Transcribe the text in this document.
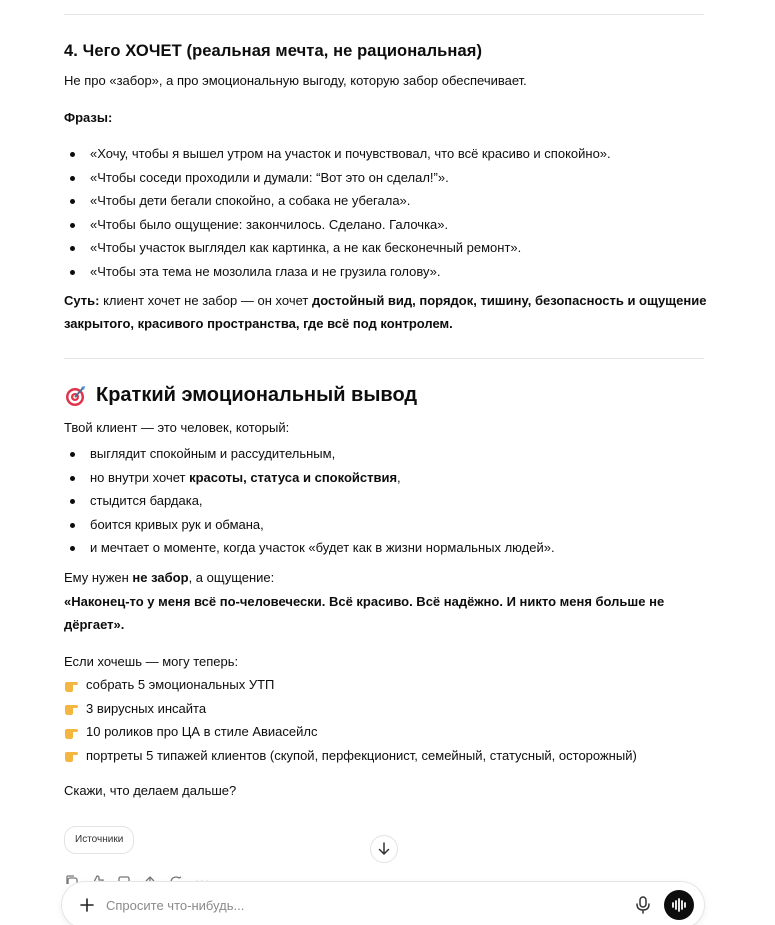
4. Чего ХОЧЕТ (реальная мечта, не рациональная)
Не про «забор», а про эмоциональную выгоду, которую забор обеспечивает.
Фразы:
«Хочу, чтобы я вышел утром на участок и почувствовал, что всё красиво и спокойно».
«Чтобы соседи проходили и думали: “Вот это он сделал!”».
«Чтобы дети бегали спокойно, а собака не убегала».
«Чтобы было ощущение: закончилось. Сделано. Галочка».
«Чтобы участок выглядел как картинка, а не как бесконечный ремонт».
«Чтобы эта тема не мозолила глаза и не грузила голову».
Суть: клиент хочет не забор — он хочет достойный вид, порядок, тишину, безопасность и ощущение
закрытого, красивого пространства, где всё под контролем.
Краткий эмоциональный вывод
Твой клиент — это человек, который:
выглядит спокойным и рассудительным,
но внутри хочет красоты, статуса и спокойствия,
стыдится бардака,
боится кривых рук и обмана,
и мечтает о моменте, когда участок «будет как в жизни нормальных людей».
Ему нужен не забор, а ощущение:
«Наконец-то у меня всё по-человечески. Всё красиво. Всё надёжно. И никто меня больше не
дёргает».
Если хочешь — могу теперь:
собрать 5 эмоциональных УТП
3 вирусных инсайта
10 роликов про ЦА в стиле Авиасейлс
портреты 5 типажей клиентов (скупой, перфекционист, семейный, статусный, осторожный)
Скажи, что делаем дальше?
Источники
Спросите что-нибудь...
